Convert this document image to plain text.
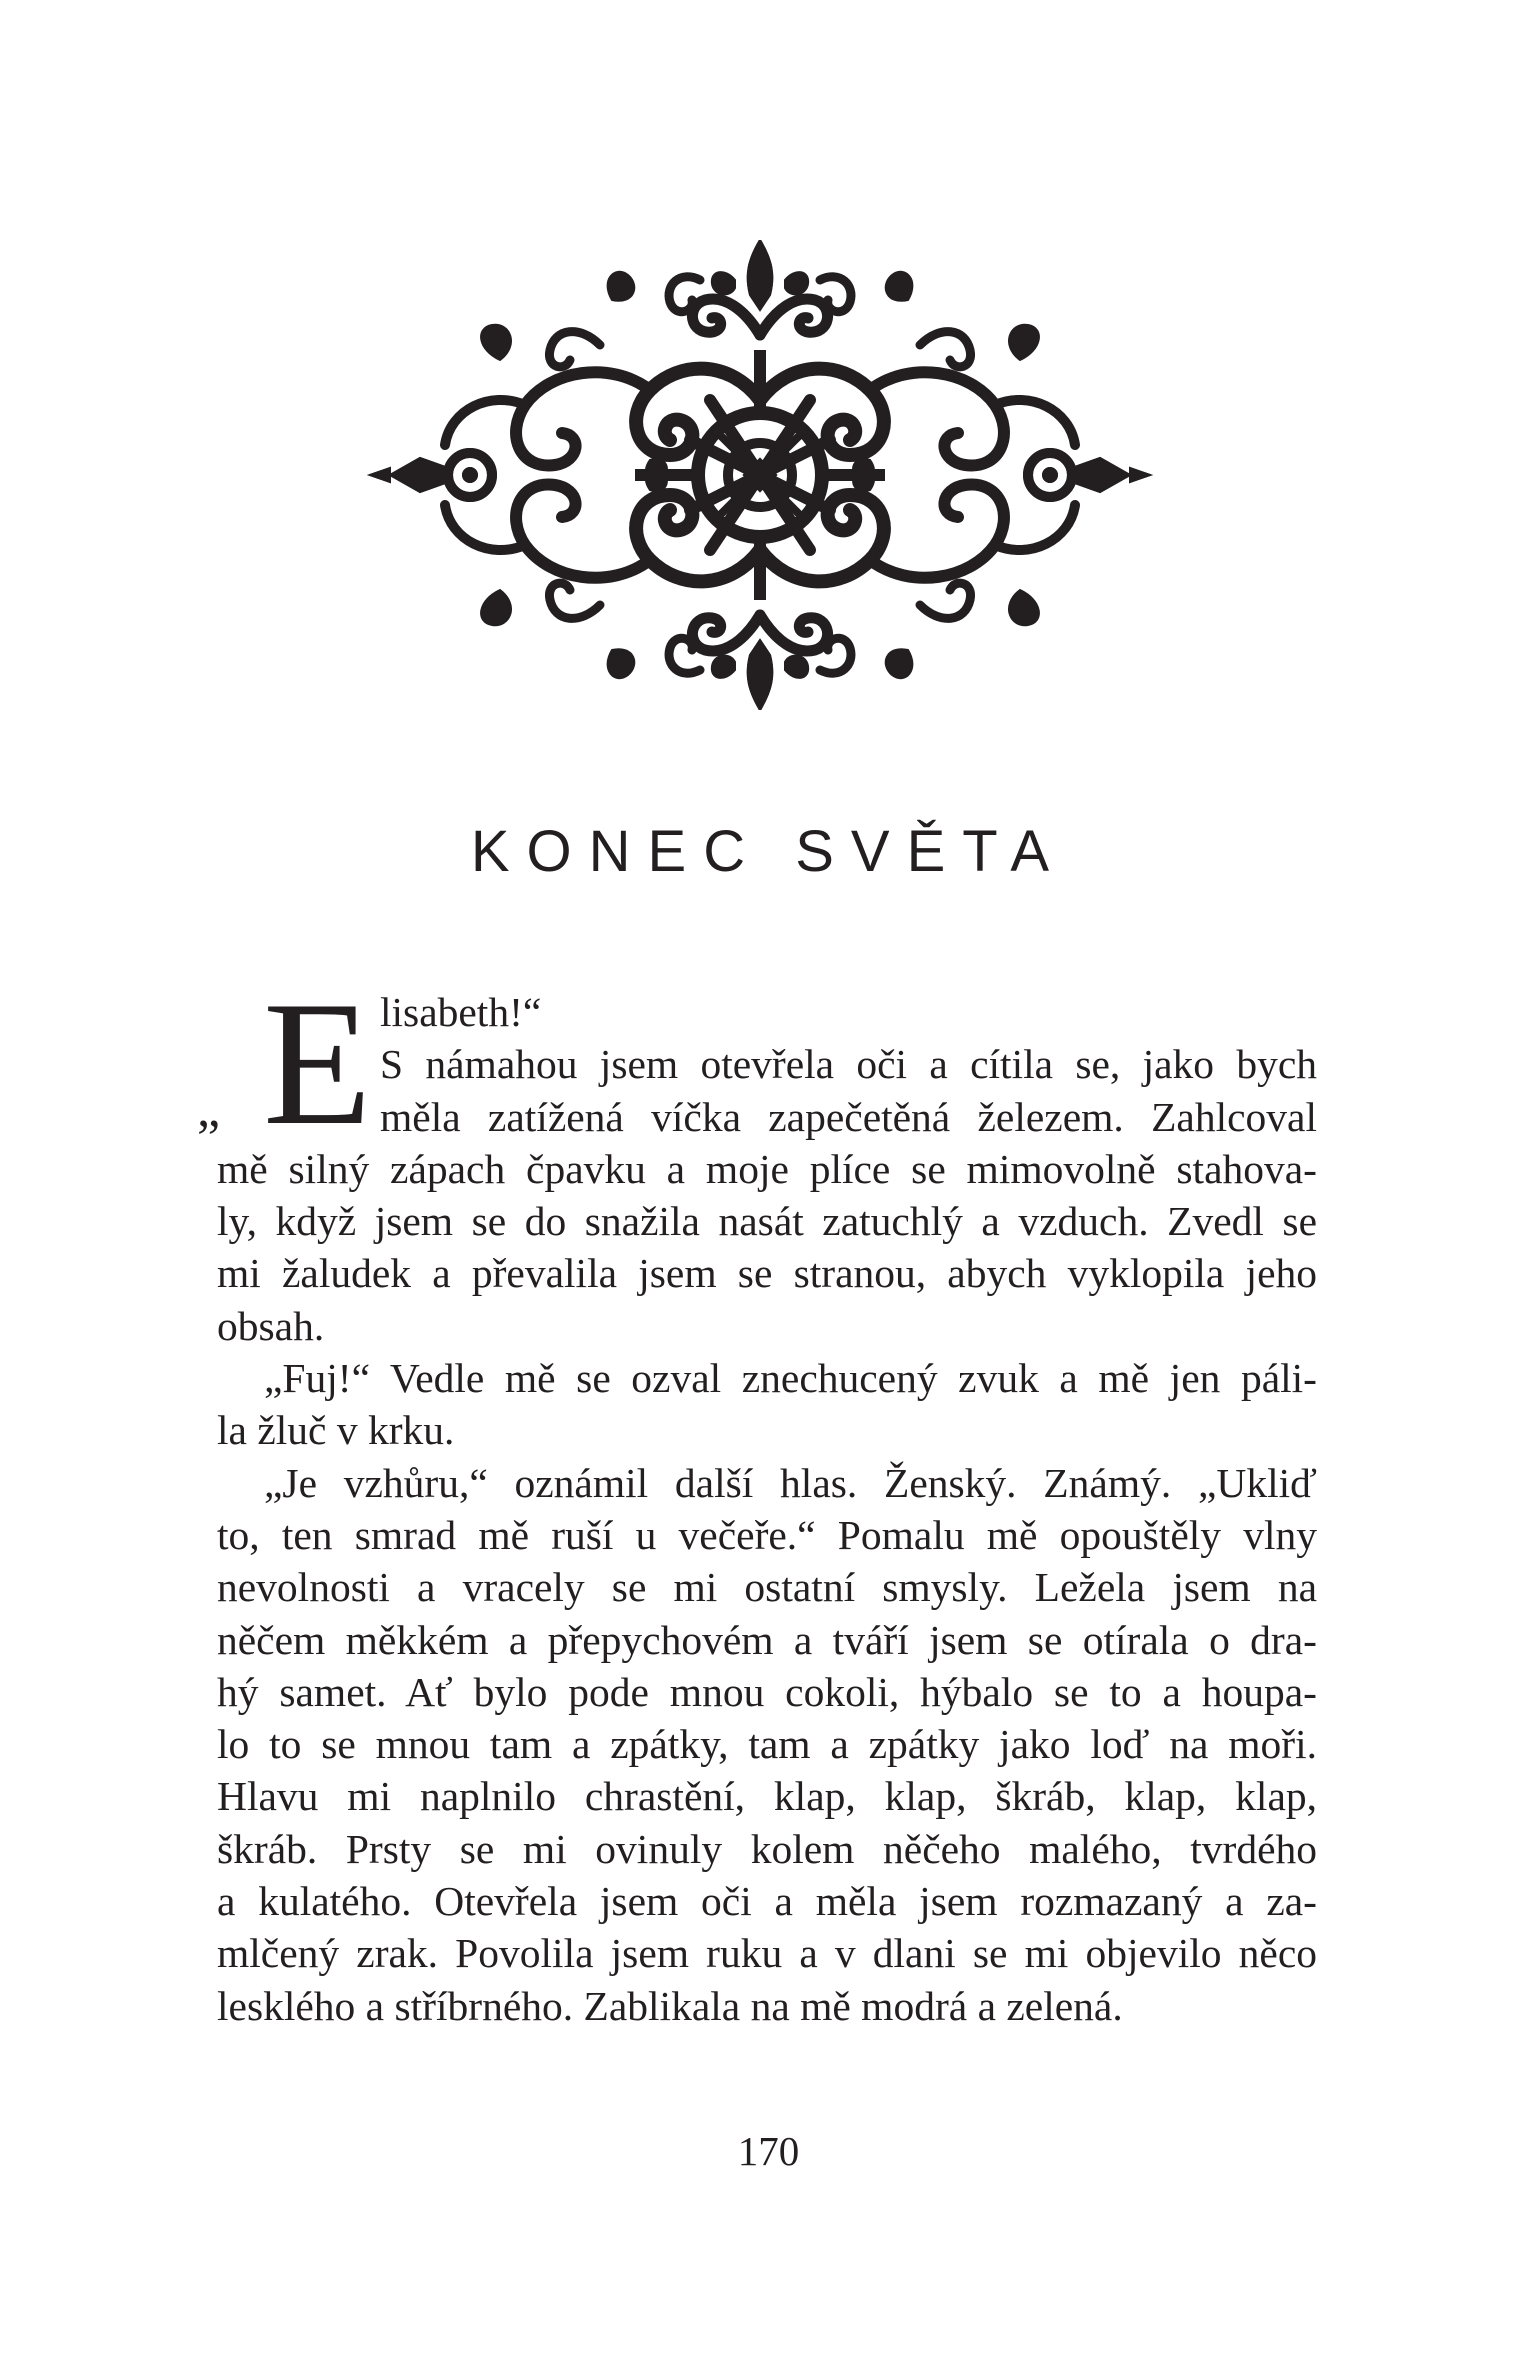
KONEC SVĚTA
„ E lisabeth!“
S námahou jsem otevřela oči a cítila se, jako bych
měla zatížená víčka zapečetěná železem. Zahlcoval
mě silný zápach čpavku a moje plíce se mimovolně stahova-
ly, když jsem se do snažila nasát zatuchlý a vzduch. Zvedl se
mi žaludek a převalila jsem se stranou, abych vyklopila jeho
obsah.
„Fuj!“ Vedle mě se ozval znechucený zvuk a mě jen páli-
la žluč v krku.
„Je vzhůru,“ oznámil další hlas. Ženský. Známý. „Ukliď
to, ten smrad mě ruší u večeře.“ Pomalu mě opouštěly vlny
nevolnosti a vracely se mi ostatní smysly. Ležela jsem na
něčem měkkém a přepychovém a tváří jsem se otírala o dra-
hý samet. Ať bylo pode mnou cokoli, hýbalo se to a houpa-
lo to se mnou tam a zpátky, tam a zpátky jako loď na moři.
Hlavu mi naplnilo chrastění, klap, klap, škráb, klap, klap,
škráb. Prsty se mi ovinuly kolem něčeho malého, tvrdého
a kulatého. Otevřela jsem oči a měla jsem rozmazaný a za-
mlčený zrak. Povolila jsem ruku a v dlani se mi objevilo něco
lesklého a stříbrného. Zablikala na mě modrá a zelená.
170
